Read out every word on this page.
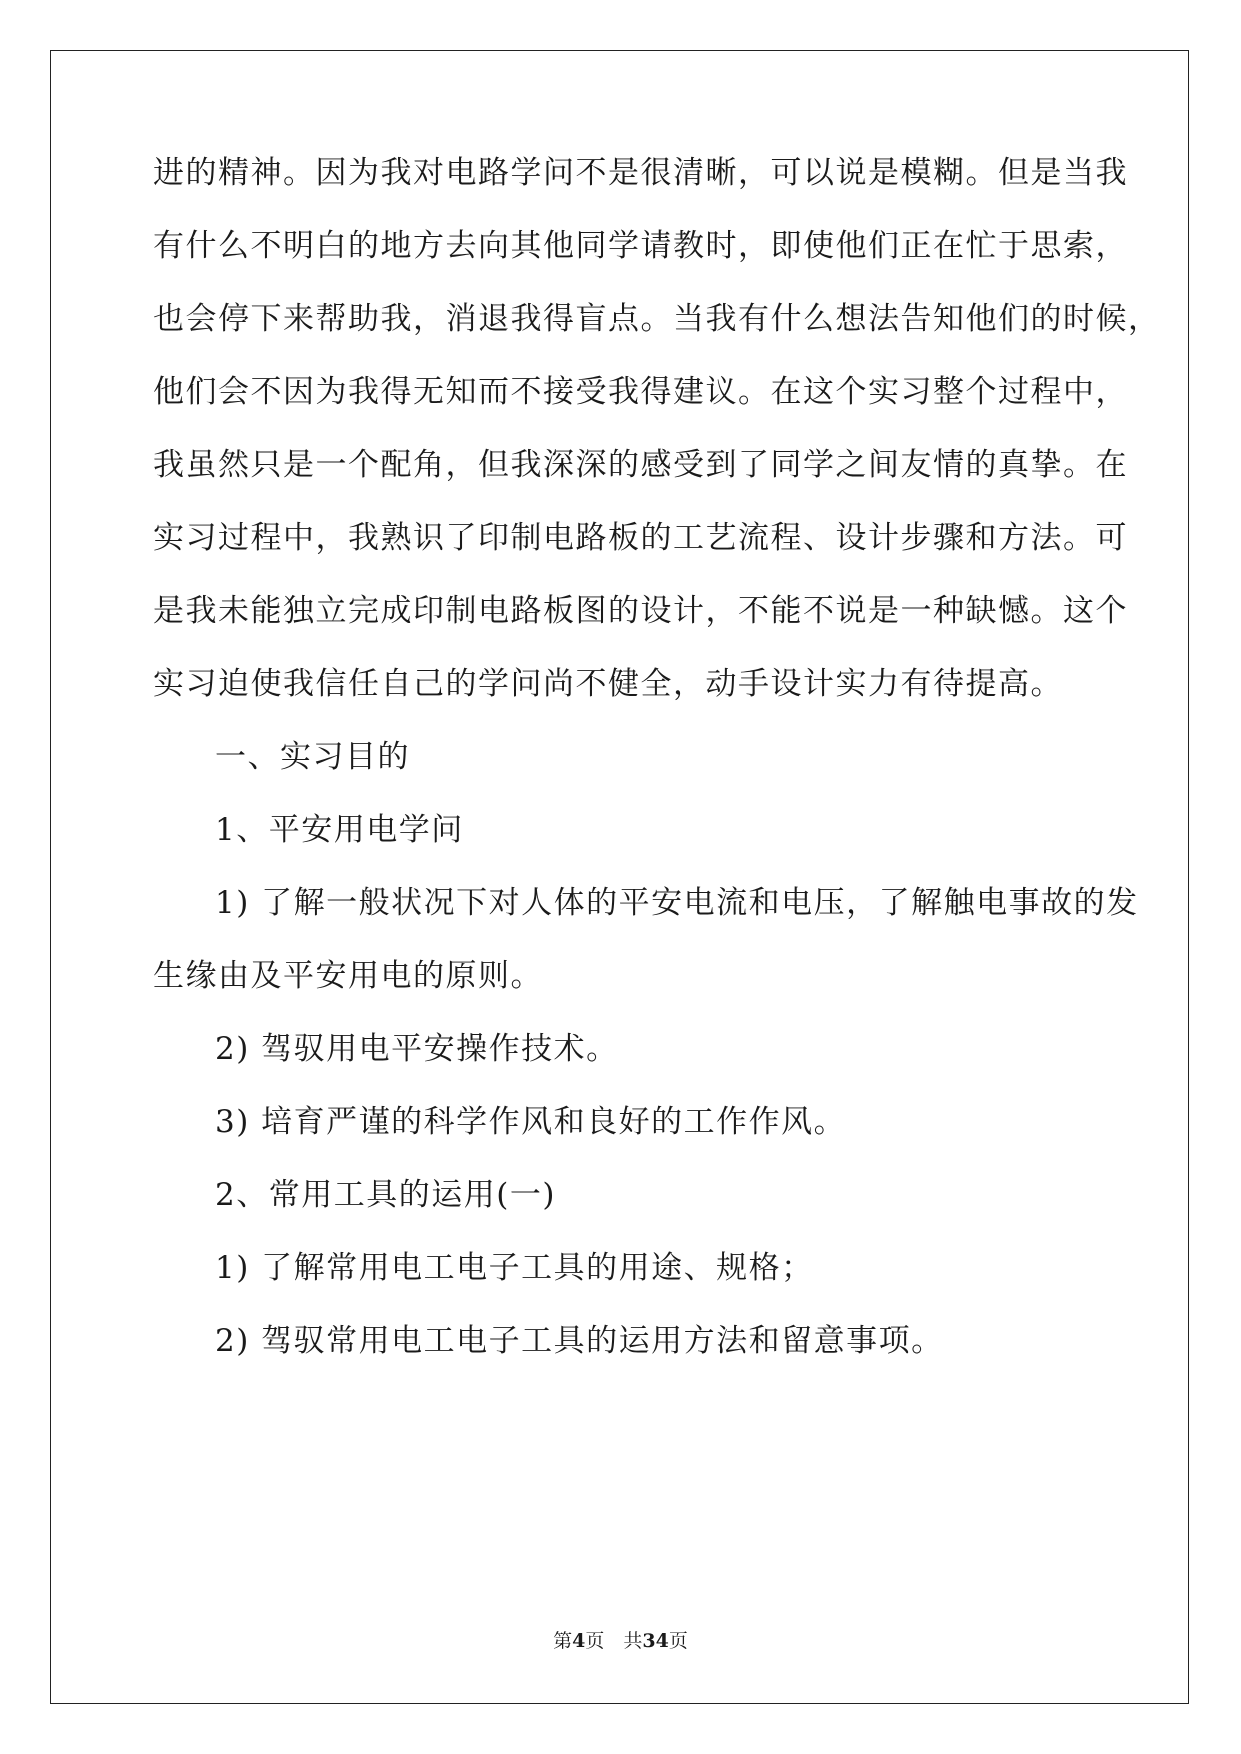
进的精神。因为我对电路学问不是很清晰，可以说是模糊。但是当我
有什么不明白的地方去向其他同学请教时，即使他们正在忙于思索，
也会停下来帮助我，消退我得盲点。当我有什么想法告知他们的时候，
他们会不因为我得无知而不接受我得建议。在这个实习整个过程中，
我虽然只是一个配角，但我深深的感受到了同学之间友情的真挚。在
实习过程中，我熟识了印制电路板的工艺流程、设计步骤和方法。可
是我未能独立完成印制电路板图的设计，不能不说是一种缺憾。这个
实习迫使我信任自己的学问尚不健全，动手设计实力有待提高。
一、实习目的
1、平安用电学问
1) 了解一般状况下对人体的平安电流和电压，了解触电事故的发
生缘由及平安用电的原则。
2) 驾驭用电平安操作技术。
3) 培育严谨的科学作风和良好的工作作风。
2、常用工具的运用(一)
1) 了解常用电工电子工具的用途、规格；
2) 驾驭常用电工电子工具的运用方法和留意事项。
第4页　共34页
